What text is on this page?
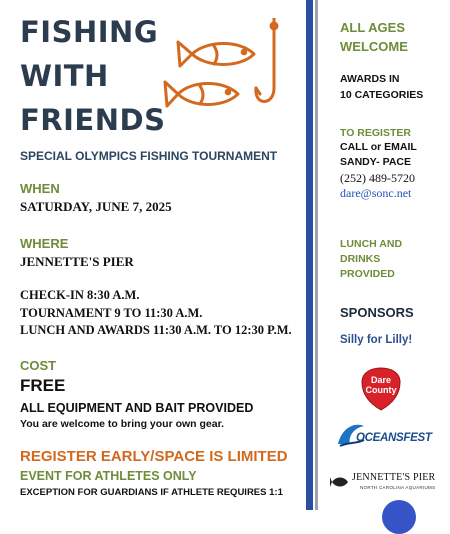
FISHING
WITH
FRIENDS
SPECIAL OLYMPICS FISHING TOURNAMENT
WHEN
SATURDAY, JUNE 7, 2025
WHERE
JENNETTE'S PIER
CHECK-IN 8:30 A.M.
TOURNAMENT 9 TO 11:30 A.M.
LUNCH AND AWARDS 11:30 A.M. TO 12:30 P.M.
COST
FREE
ALL EQUIPMENT AND BAIT PROVIDED
You are welcome to bring your own gear.
REGISTER EARLY/SPACE IS LIMITED
EVENT FOR ATHLETES ONLY
EXCEPTION FOR GUARDIANS IF ATHLETE REQUIRES 1:1
ALL AGES
WELCOME
AWARDS IN
10 CATEGORIES
TO REGISTER
CALL or EMAIL
SANDY- PACE
(252) 489-5720
dare@sonc.net
LUNCH AND
DRINKS
PROVIDED
SPONSORS
Silly for Lilly!
Dare
County
OCEANSFEST
JENNETTE'S PIER
NORTH CAROLINA AQUARIUMS
